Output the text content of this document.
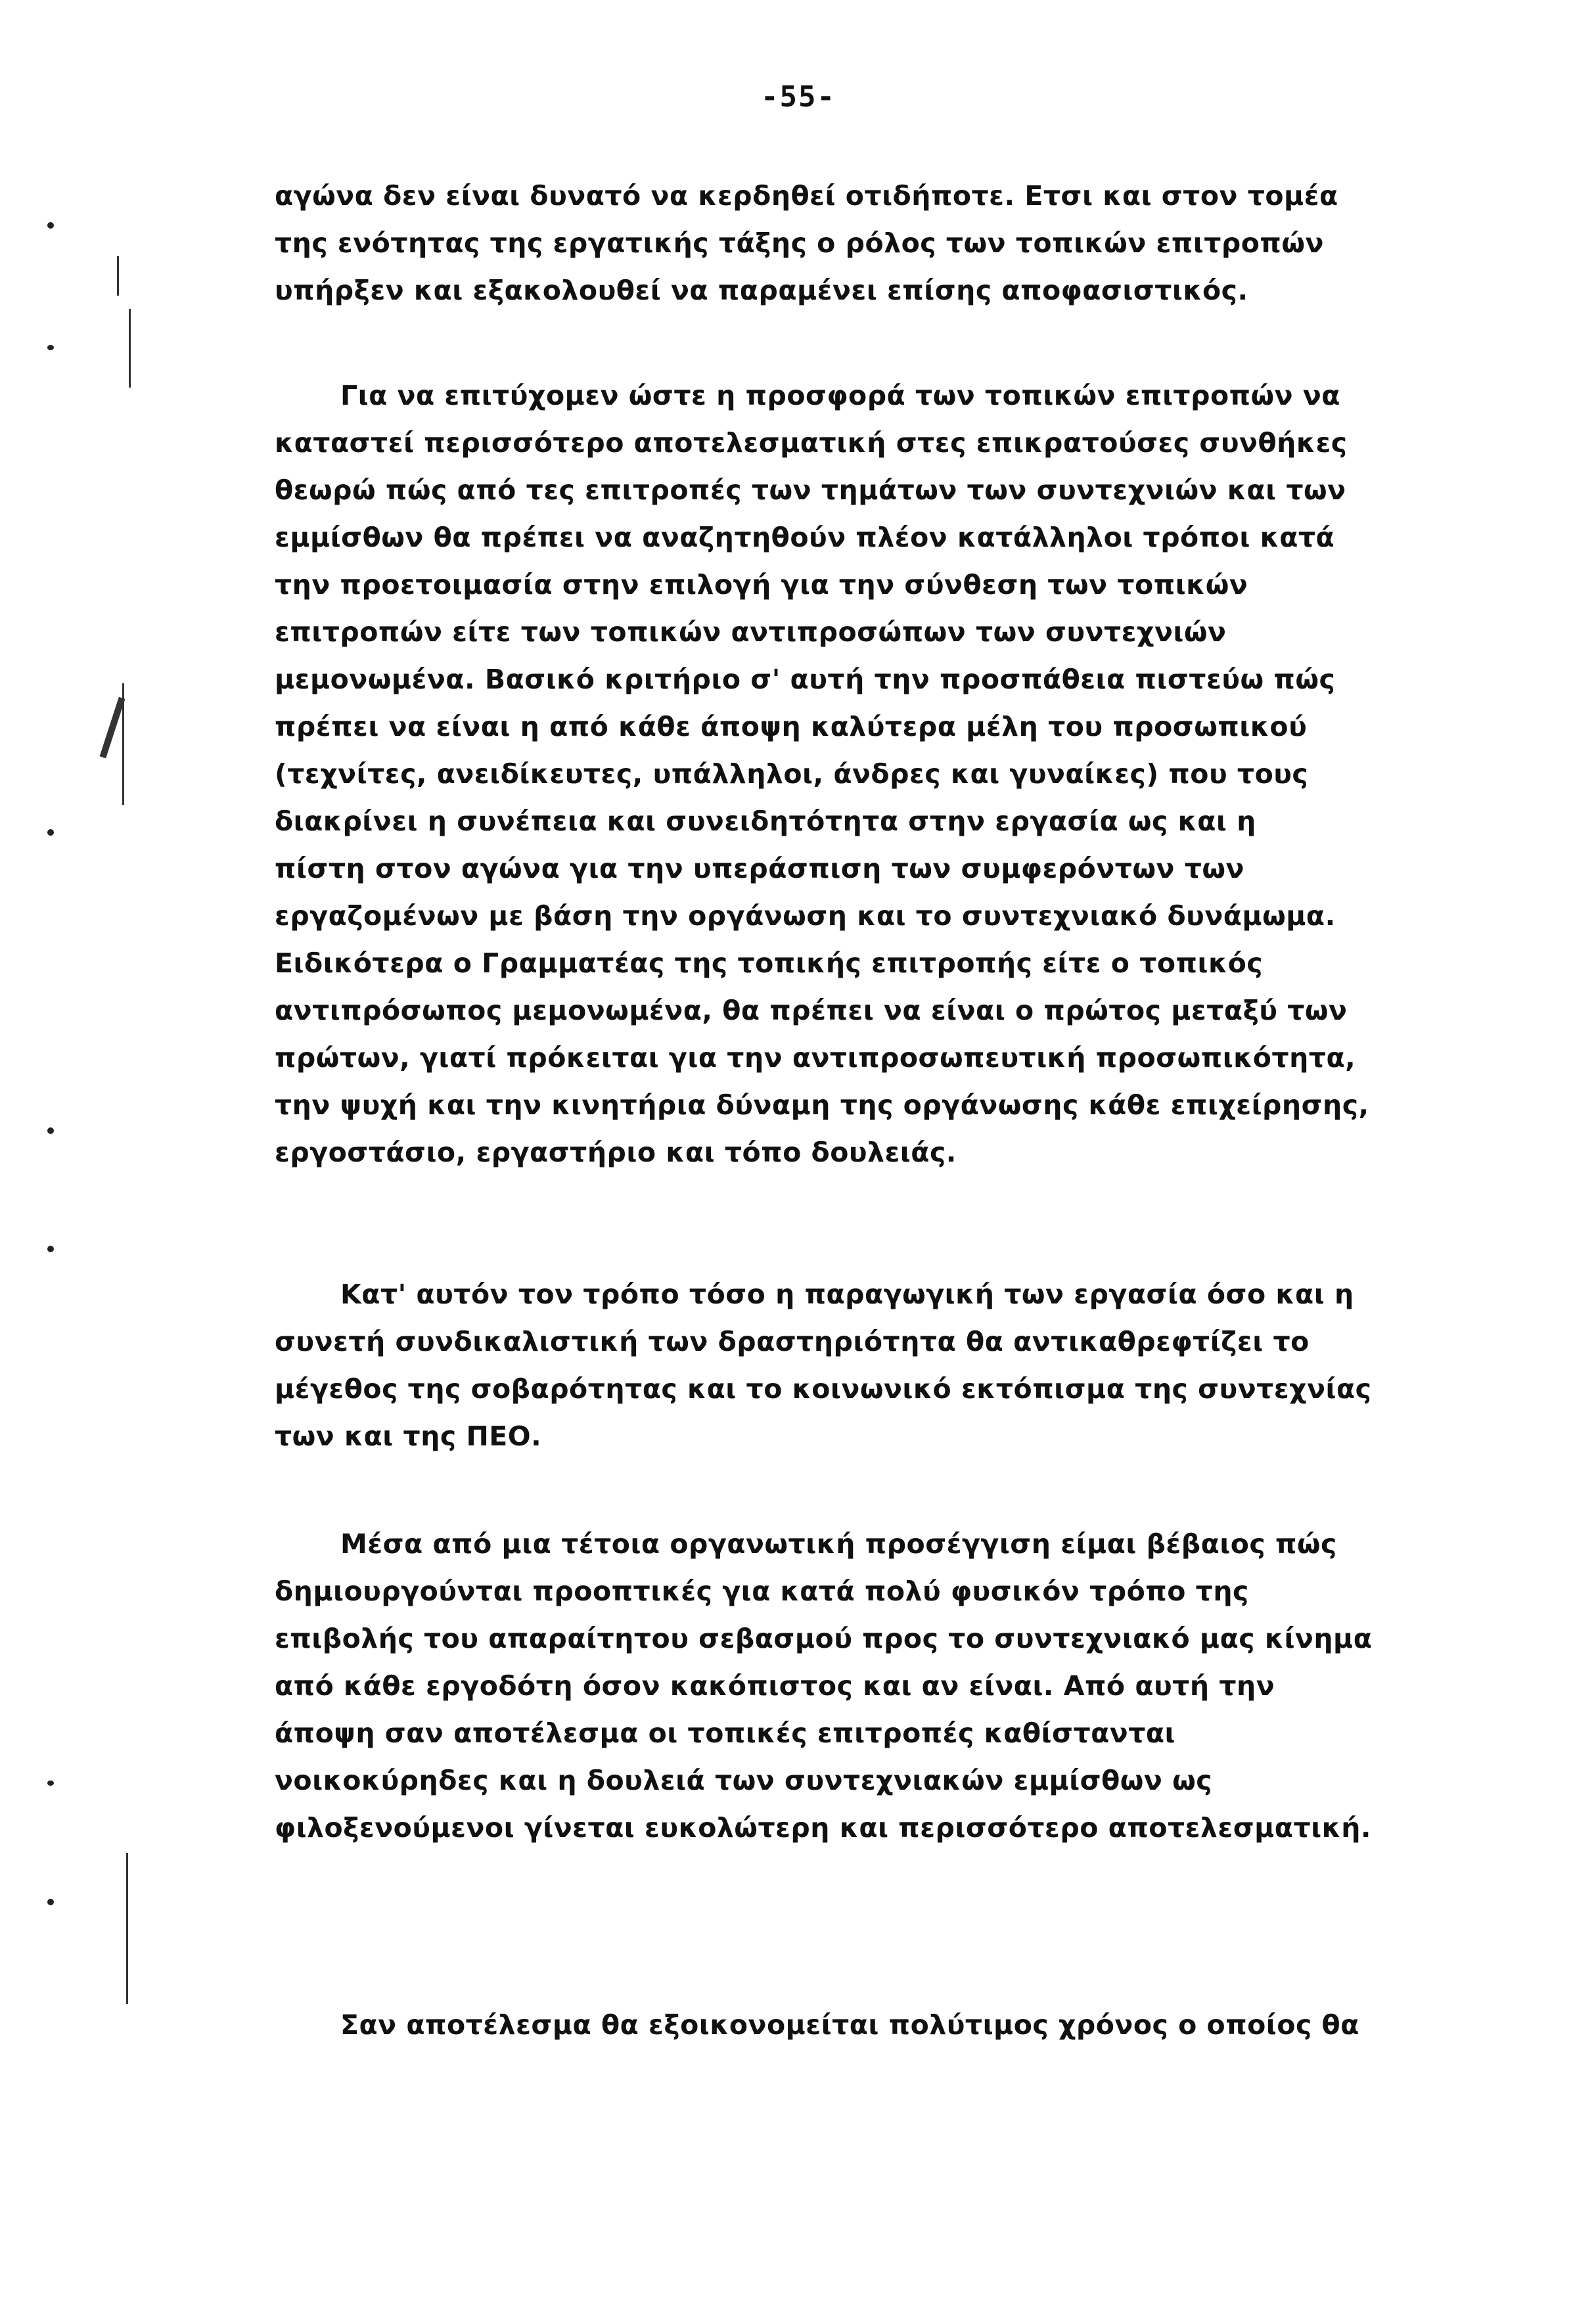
-55-
αγώνα δεν είναι δυνατό να κερδηθεί οτιδήποτε. Ετσι και στον τομέα
της ενότητας της εργατικής τάξης ο ρόλος των τοπικών επιτροπών
υπήρξεν και εξακολουθεί να παραμένει επίσης αποφασιστικός.
Για να επιτύχομεν ώστε η προσφορά των τοπικών επιτροπών να
καταστεί περισσότερο αποτελεσματική στες επικρατούσες συνθήκες
θεωρώ πώς από τες επιτροπές των τημάτων των συντεχνιών και των
εμμίσθων θα πρέπει να αναζητηθούν πλέον κατάλληλοι τρόποι κατά
την προετοιμασία στην επιλογή για την σύνθεση των τοπικών
επιτροπών είτε των τοπικών αντιπροσώπων των συντεχνιών
μεμονωμένα. Βασικό κριτήριο σ' αυτή την προσπάθεια πιστεύω πώς
πρέπει να είναι η από κάθε άποψη καλύτερα μέλη του προσωπικού
(τεχνίτες, ανειδίκευτες, υπάλληλοι, άνδρες και γυναίκες) που τους
διακρίνει η συνέπεια και συνειδητότητα στην εργασία ως και η
πίστη στον αγώνα για την υπεράσπιση των συμφερόντων των
εργαζομένων με βάση την οργάνωση και το συντεχνιακό δυνάμωμα.
Ειδικότερα ο Γραμματέας της τοπικής επιτροπής είτε ο τοπικός
αντιπρόσωπος μεμονωμένα, θα πρέπει να είναι ο πρώτος μεταξύ των
πρώτων, γιατί πρόκειται για την αντιπροσωπευτική προσωπικότητα,
την ψυχή και την κινητήρια δύναμη της οργάνωσης κάθε επιχείρησης,
εργοστάσιο, εργαστήριο και τόπο δουλειάς.
Κατ' αυτόν τον τρόπο τόσο η παραγωγική των εργασία όσο και η
συνετή συνδικαλιστική των δραστηριότητα θα αντικαθρεφτίζει το
μέγεθος της σοβαρότητας και το κοινωνικό εκτόπισμα της συντεχνίας
των και της ΠΕΟ.
Μέσα από μια τέτοια οργανωτική προσέγγιση είμαι βέβαιος πώς
δημιουργούνται προοπτικές για κατά πολύ φυσικόν τρόπο της
επιβολής του απαραίτητου σεβασμού προς το συντεχνιακό μας κίνημα
από κάθε εργοδότη όσον κακόπιστος και αν είναι. Από αυτή την
άποψη σαν αποτέλεσμα οι τοπικές επιτροπές καθίστανται
νοικοκύρηδες και η δουλειά των συντεχνιακών εμμίσθων ως
φιλοξενούμενοι γίνεται ευκολώτερη και περισσότερο αποτελεσματική.
Σαν αποτέλεσμα θα εξοικονομείται πολύτιμος χρόνος ο οποίος θα
